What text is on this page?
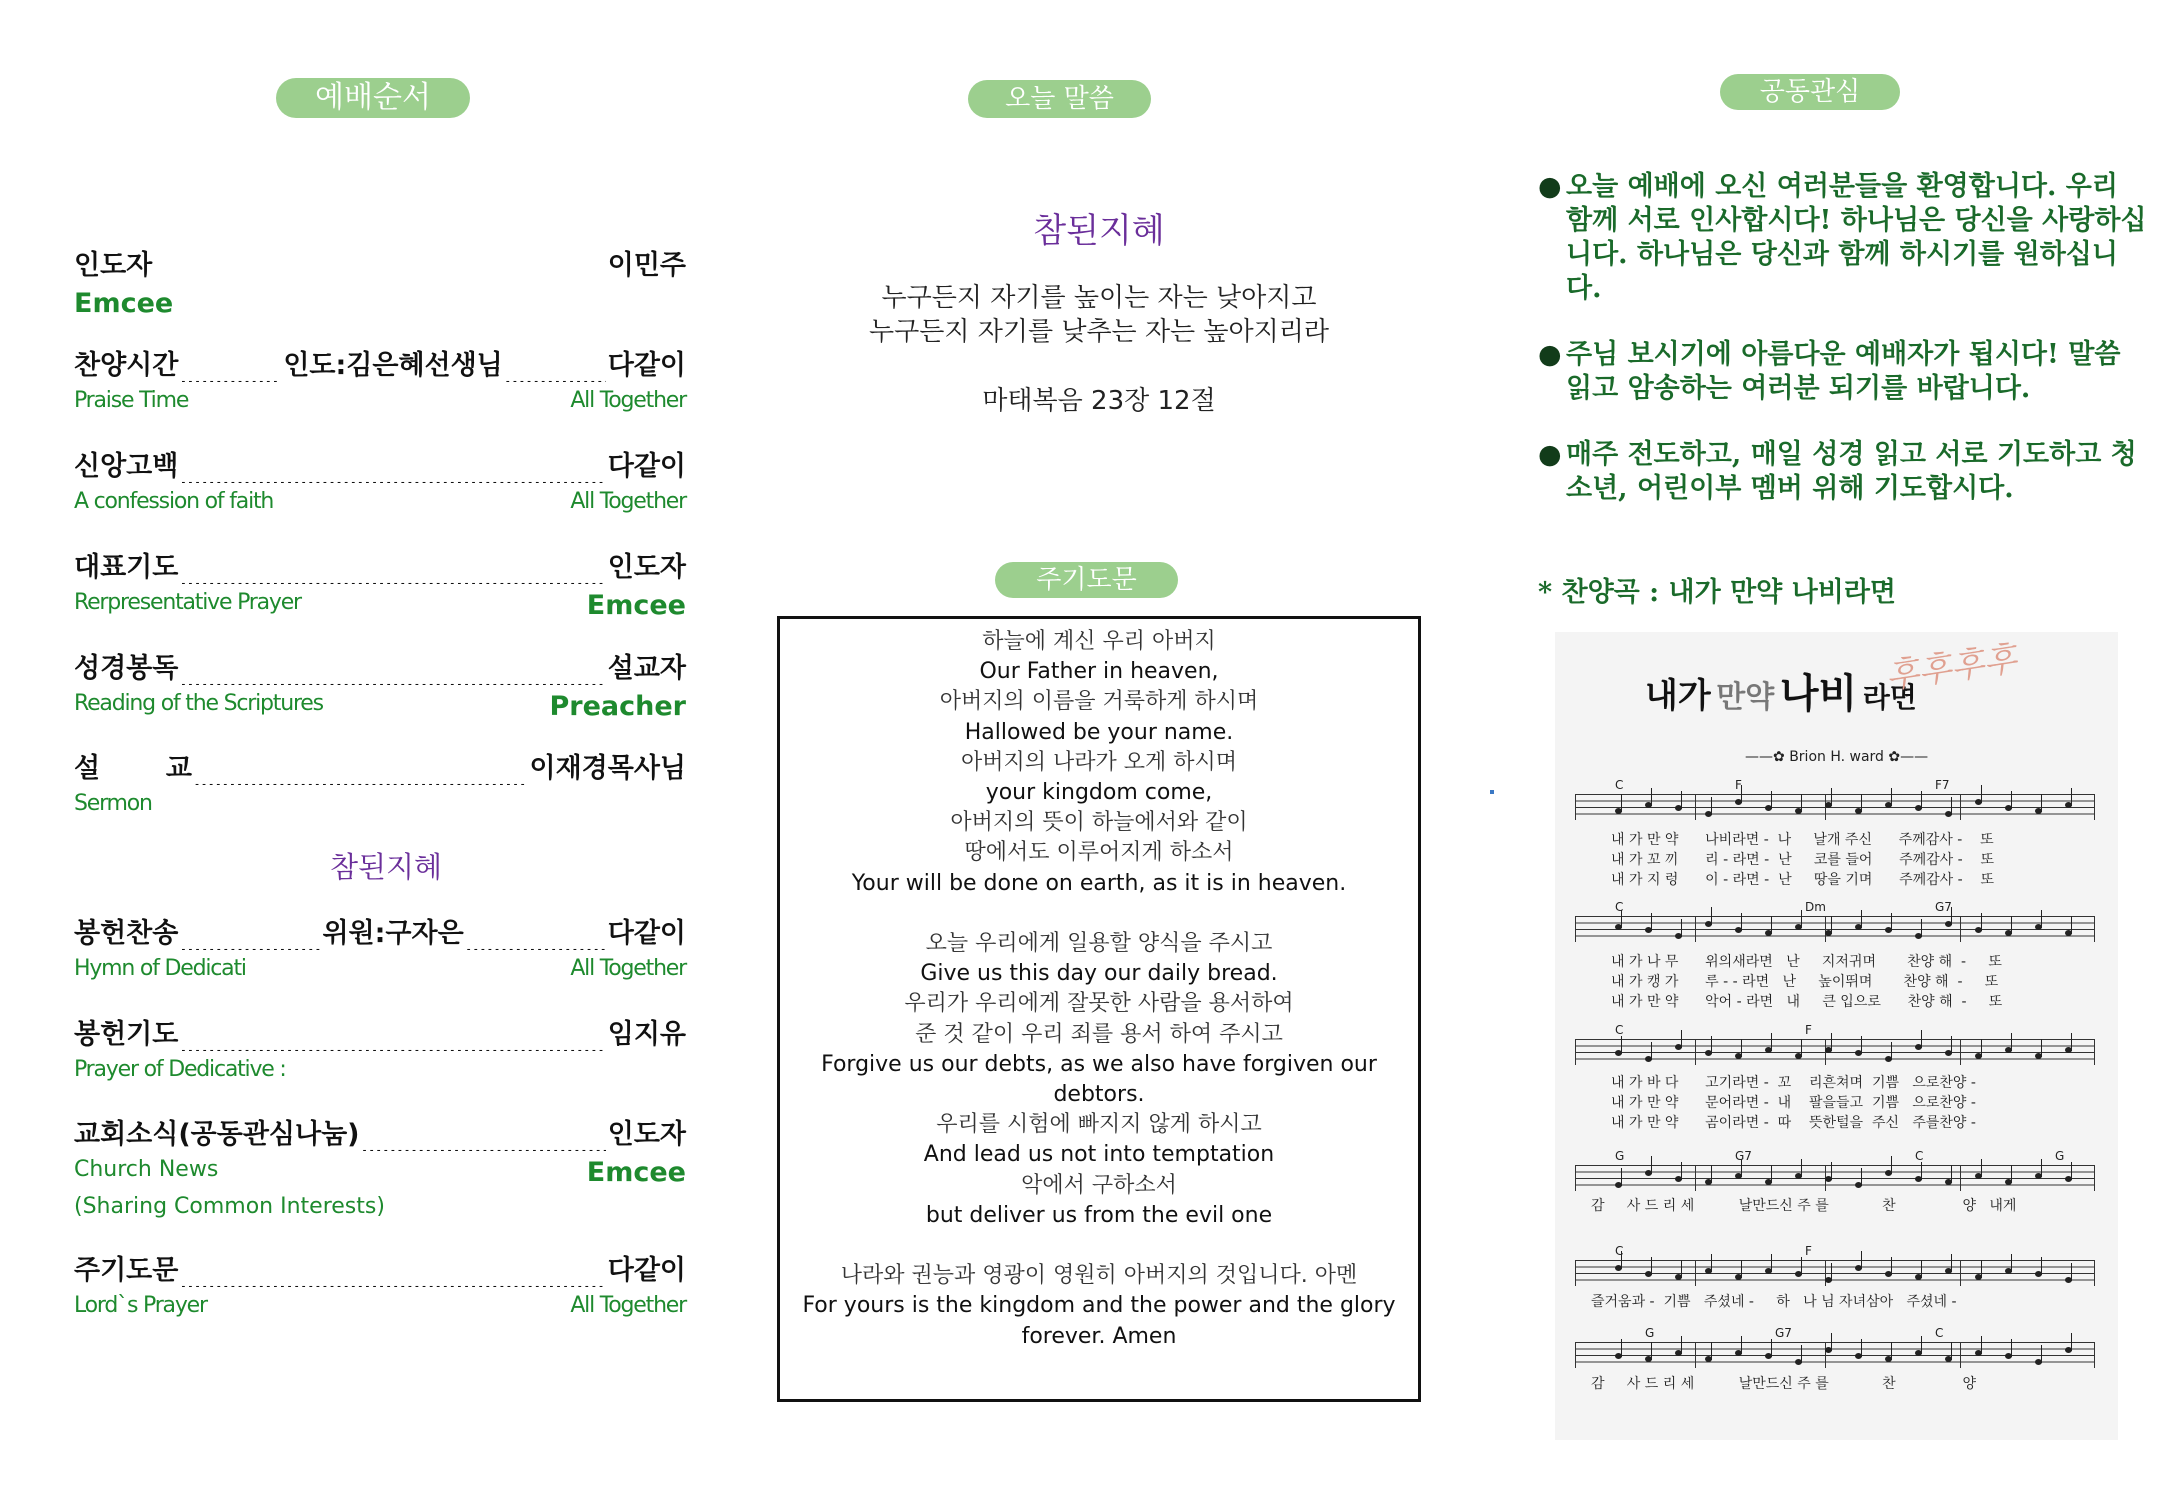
예배순서
인도자	이민주
Emcee
찬양시간 .....	인도:김은혜선생님 .....	다같이
Praise Time	All Together
신앙고백 .....	다같이
A confession of faith	All Together
대표기도 .....	인도자
Rerpresentative Prayer	Emcee
성경봉독 .....	설교자
Reading of the Scriptures	Preacher
설       교 .....	이재경목사님
Sermon
봉헌찬송 .....	위원:구자은 .....	다같이
Hymn of Dedicati	All Together
봉헌기도 .....	임지유
Prayer of Dedicative :
교회소식(공동관심나눔) .....	인도자
Church News	Emcee
(Sharing Common Interests)
주기도문 .....	다같이
Lord`s Prayer	All Together
참된지혜
오늘 말씀
참된지혜
누구든지 자기를 높이는 자는 낮아지고
누구든지 자기를 낮추는 자는 높아지리라
마태복음 23장 12절
주기도문

하늘에 계신 우리 아버지

Our Father in heaven,

아버지의 이름을 거룩하게 하시며

Hallowed be your name.

아버지의 나라가 오게 하시며

your kingdom come,

아버지의 뜻이 하늘에서와 같이

땅에서도 이루어지게 하소서

Your will be done on earth, as it is in heaven.

오늘 우리에게 일용할 양식을 주시고

Give us this day our daily bread.

우리가 우리에게 잘못한 사람을 용서하여

준 것 같이 우리 죄를 용서 하여 주시고

Forgive us our debts, as we also have forgiven our

debtors.

우리를 시험에 빠지지 않게 하시고

And lead us not into temptation

악에서 구하소서

but deliver us from the evil one

나라와 권능과 영광이 영원히 아버지의 것입니다. 아멘

For yours is the kingdom and the power and the glory

forever. Amen

공동관심
● 오늘 예배에 오신 여러분들을 환영합니다. 우리 함께 서로 인사합시다! 하나님은 당신을 사랑하십니다. 하나님은 당신과 함께 하시기를 원하십니다.
● 주님 보시기에 아름다운 예배자가 됩시다! 말씀 읽고 암송하는 여러분 되기를 바랍니다.
● 매주 전도하고, 매일 성경 읽고 서로 기도하고 청소년, 어린이부 멤버 위해 기도합시다.
* 찬양곡 : 내가 만약 나비라면
내가 만약 나비 라면
후후후후
——✿ Brion H. ward ✿——
C	F	F7
내 가 만 약      나비라면 -  나     날개 주신      주께감사 -    또
내 가 꼬 끼      리 - 라면 -  난     코를 들어      주께감사 -    또
내 가 지 렁      이 - 라면 -  난     땅을 기며      주께감사 -    또
C	Dm	G7
내 가 나 무      위의새라면   난     지저귀며       찬양 해  -     또
내 가 캥 가      루 - - 라면   난     높이뛰며       찬양 해  -     또
내 가 만 약      악어 - 라면   내     큰 입으로      찬양 해  -     또
C	F
내 가 바 다      고기라면 -  꼬    리흔쳐며  기쁨   으로찬양 -
내 가 만 약      문어라면 -  내    팔을들고  기쁨   으로찬양 -
내 가 만 약      곰이라면 -  따    뜻한털을  주신   주를찬양 -
G	G7	C	G
감     사 드 리 세          날만드신 주 를            찬               양   내게
C	F
즐거움과 -  기쁨   주셨네 -     하   나 님 자녀삼아   주셨네 -
G	G7	C
감     사 드 리 세          날만드신 주 를            찬               양
